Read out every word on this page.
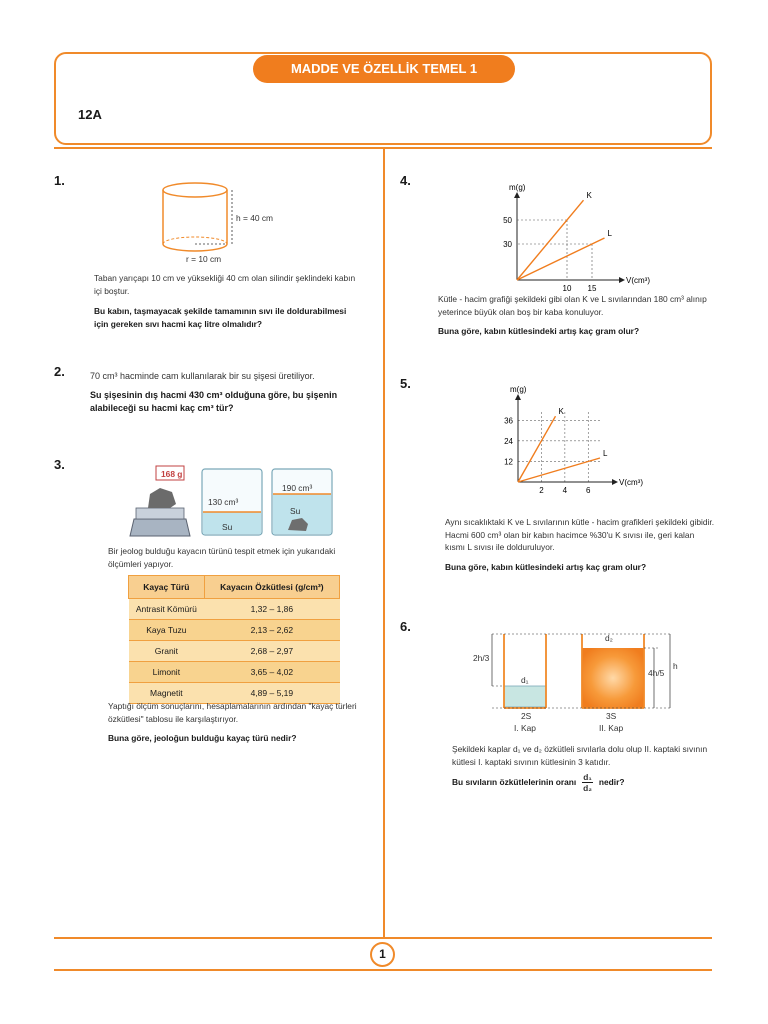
MADDE VE ÖZELLİK TEMEL 1
12A
1.
h = 40 cm
r = 10 cm
Taban yarıçapı 10 cm ve yüksekliği 40 cm olan silindir şeklindeki kabın içi boştur.
Bu kabın, taşmayacak şekilde tamamının sıvı ile doldurabilmesi için gereken sıvı hacmi kaç litre olmalıdır?
2.	70 cm³ hacminde cam kullanılarak bir su şişesi üretiliyor.
Su şişesinin dış hacmi 430 cm³ olduğuna göre, bu şişenin alabileceği su hacmi kaç cm³ tür?
3.
168 g
130 cm³
Su
190 cm³
Su
Bir jeolog bulduğu kayacın türünü tespit etmek için yukarıdaki ölçümleri yapıyor.
Kayaç Türü	Kayacın Özkütlesi (g/cm³)
Antrasit Kömürü	1,32 – 1,86
Kaya Tuzu	2,13 – 2,62
Granit	2,68 – 2,97
Limonit	3,65 – 4,02
Magnetit	4,89 – 5,19
Yaptığı ölçüm sonuçlarını, hesaplamalarının ardından "kayaç türleri özkütlesi" tablosu ile karşılaştırıyor.
Buna göre, jeoloğun bulduğu kayaç türü nedir?
4.	m(g)
V(cm³)
10 15
30
50
K
L
Kütle - hacim grafiği şekildeki gibi olan K ve L sıvılarından 180 cm³ alınıp yeterince büyük olan boş bir kaba konuluyor.
Buna göre, kabın kütlesindeki artış kaç gram olur?
5.	m(g)
V(cm³)
2 4 6
12
24
36
K
L
Aynı sıcaklıktaki K ve L sıvılarının kütle - hacim grafikleri şekildeki gibidir. Hacmi 600 cm³ olan bir kabın hacimce %30'u K sıvısı ile, geri kalan kısmı L sıvısı ile dolduruluyor.
Buna göre, kabın kütlesindeki artış kaç gram olur?
6.
2h/3
h
4h/5
d₁
d₂
2S	3S
I. Kap	II. Kap
Şekildeki kaplar d₁ ve d₂ özkütleli sıvılarla dolu olup II. kaptaki sıvının kütlesi I. kaptaki sıvının kütlesinin 3 katıdır.
Bu sıvıların özkütlelerinin oranı $\frac{\text{d₁}}{\text{d₂}}$ nedir?
1
